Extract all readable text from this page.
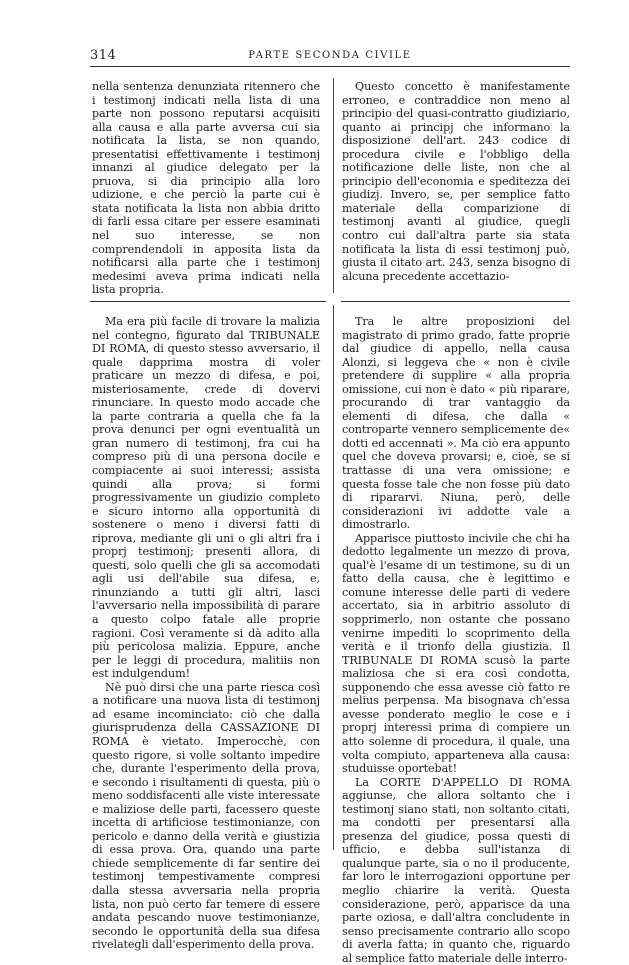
314	PARTE SECONDA CIVILE

nella sentenza denunziata ritennero che i testimonj indicati nella lista di una parte non possono reputarsi acquisiti alla causa e alla parte avversa cui sia notificata la lista, se non quando, presentatisi effettivamente i testimonj innanzi al giudice delegato per la pruova, si dia principio alla loro udizione, e che perciò la parte cui è stata notificata la lista non abbia dritto di farli essa citare per essere esaminati nel suo interesse, se non comprendendoli in apposita lista da notificarsi alla parte che i testimonj medesimi aveva prima indicati nella lista propria.

Questo concetto è manifestamente erroneo, e contraddice non meno al principio del quasi-contratto giudiziario, quanto ai principj che informano la disposizione dell'art. 243 codice di procedura civile e l'obbligo della notificazione delle liste, non che al principio dell'economia e speditezza dei giudizj. Invero, se, per semplice fatto materiale della comparizione di testimonj avanti al giudice, quegli contro cui dall'altra parte sia stata notificata la lista di essi testimonj può, giusta il citato art. 243, senza bisogno di alcuna precedente accettazio-

Ma era più facile di trovare la malizia nel contegno, figurato dal TRIBUNALE DI ROMA, di questo stesso avversario, il quale dapprima mostra di voler praticare un mezzo di difesa, e poi, misteriosamente, crede di dovervi rinunciare. In questo modo accade che la parte contraria a quella che fa la prova denunci per ogni eventualità un gran numero di testimonj, fra cui ha compreso più di una persona docile e compiacente ai suoi interessi; assista quindi alla prova; si formi progressivamente un giudizio completo e sicuro intorno alla opportunità di sostenere o meno i diversi fatti di riprova, mediante gli uni o gli altri fra i proprj testimonj; presenti allora, di questi, solo quelli che gli sa accomodati agli usi dell'abile sua difesa, e, rinunziando a tutti gli altri, lasci l'avversario nella impossibilità di parare a questo colpo fatale alle proprie ragioni. Così veramente si dà adito alla più pericolosa malizia. Eppure, anche per le leggi di procedura, malitiis non est indulgendum!

Nè può dirsi che una parte riesca così a notificare una nuova lista di testimonj ad esame incominciato: ciò che dalla giurisprudenza della CASSAZIONE DI ROMA è vietato. Imperocchè, con questo rigore, si volle soltanto impedire che, durante l'esperimento della prova, e secondo i risultamenti di questa, più o meno soddisfacenti alle viste interessate e maliziose delle parti, facessero queste incetta di artificiose testimonianze, con pericolo e danno della verità e giustizia di essa prova. Ora, quando una parte chiede semplicemente di far sentire dei testimonj tempestivamente compresi dalla stessa avversaria nella propria lista, non può certo far temere di essere andata pescando nuove testimonianze, secondo le opportunità della sua difesa rivelategli dall'esperimento della prova.

Tra le altre proposizioni del magistrato di primo grado, fatte proprie dal giudice di appello, nella causa Alonzi, si leggeva che « non è civile pretendere di supplire « alla propria omissione, cui non è dato « più riparare, procurando di trar vantaggio da elementi di difesa, che dalla « controparte vennero semplicemente de« dotti ed accennati ». Ma ciò era appunto quel che doveva provarsi; e, cioè, se si trattasse di una vera omissione; e questa fosse tale che non fosse più dato di ripararvi. Niuna, però, delle considerazioni ivi addotte vale a dimostrarlo.

Apparisce piuttosto incivile che chi ha dedotto legalmente un mezzo di prova, qual'è l'esame di un testimone, su di un fatto della causa, che è legittimo e comune interesse delle parti di vedere accertato, sia in arbitrio assoluto di sopprimerlo, non ostante che possano venirne impediti lo scoprimento della verità e il trionfo della giustizia. Il TRIBUNALE DI ROMA scusò la parte maliziosa che si era così condotta, supponendo che essa avesse ciò fatto re melius perpensa. Ma bisognava ch'essa avesse ponderato meglio le cose e i proprj interessi prima di compiere un atto solenne di procedura, il quale, una volta compiuto, apparteneva alla causa: studuisse oportebat!

La CORTE D'APPELLO DI ROMA aggiunse, che allora soltanto che i testimonj siano stati, non soltanto citati, ma condotti per presentarsi alla presenza del giudice, possa questi di ufficio, e debba sull'istanza di qualunque parte, sia o no il producente, far loro le interrogazioni opportune per meglio chiarire la verità. Questa considerazione, però, apparisce da una parte oziosa, e dall'altra concludente in senso precisamente contrario allo scopo di averla fatta; in quanto che, riguardo al semplice fatto materiale delle interro-
